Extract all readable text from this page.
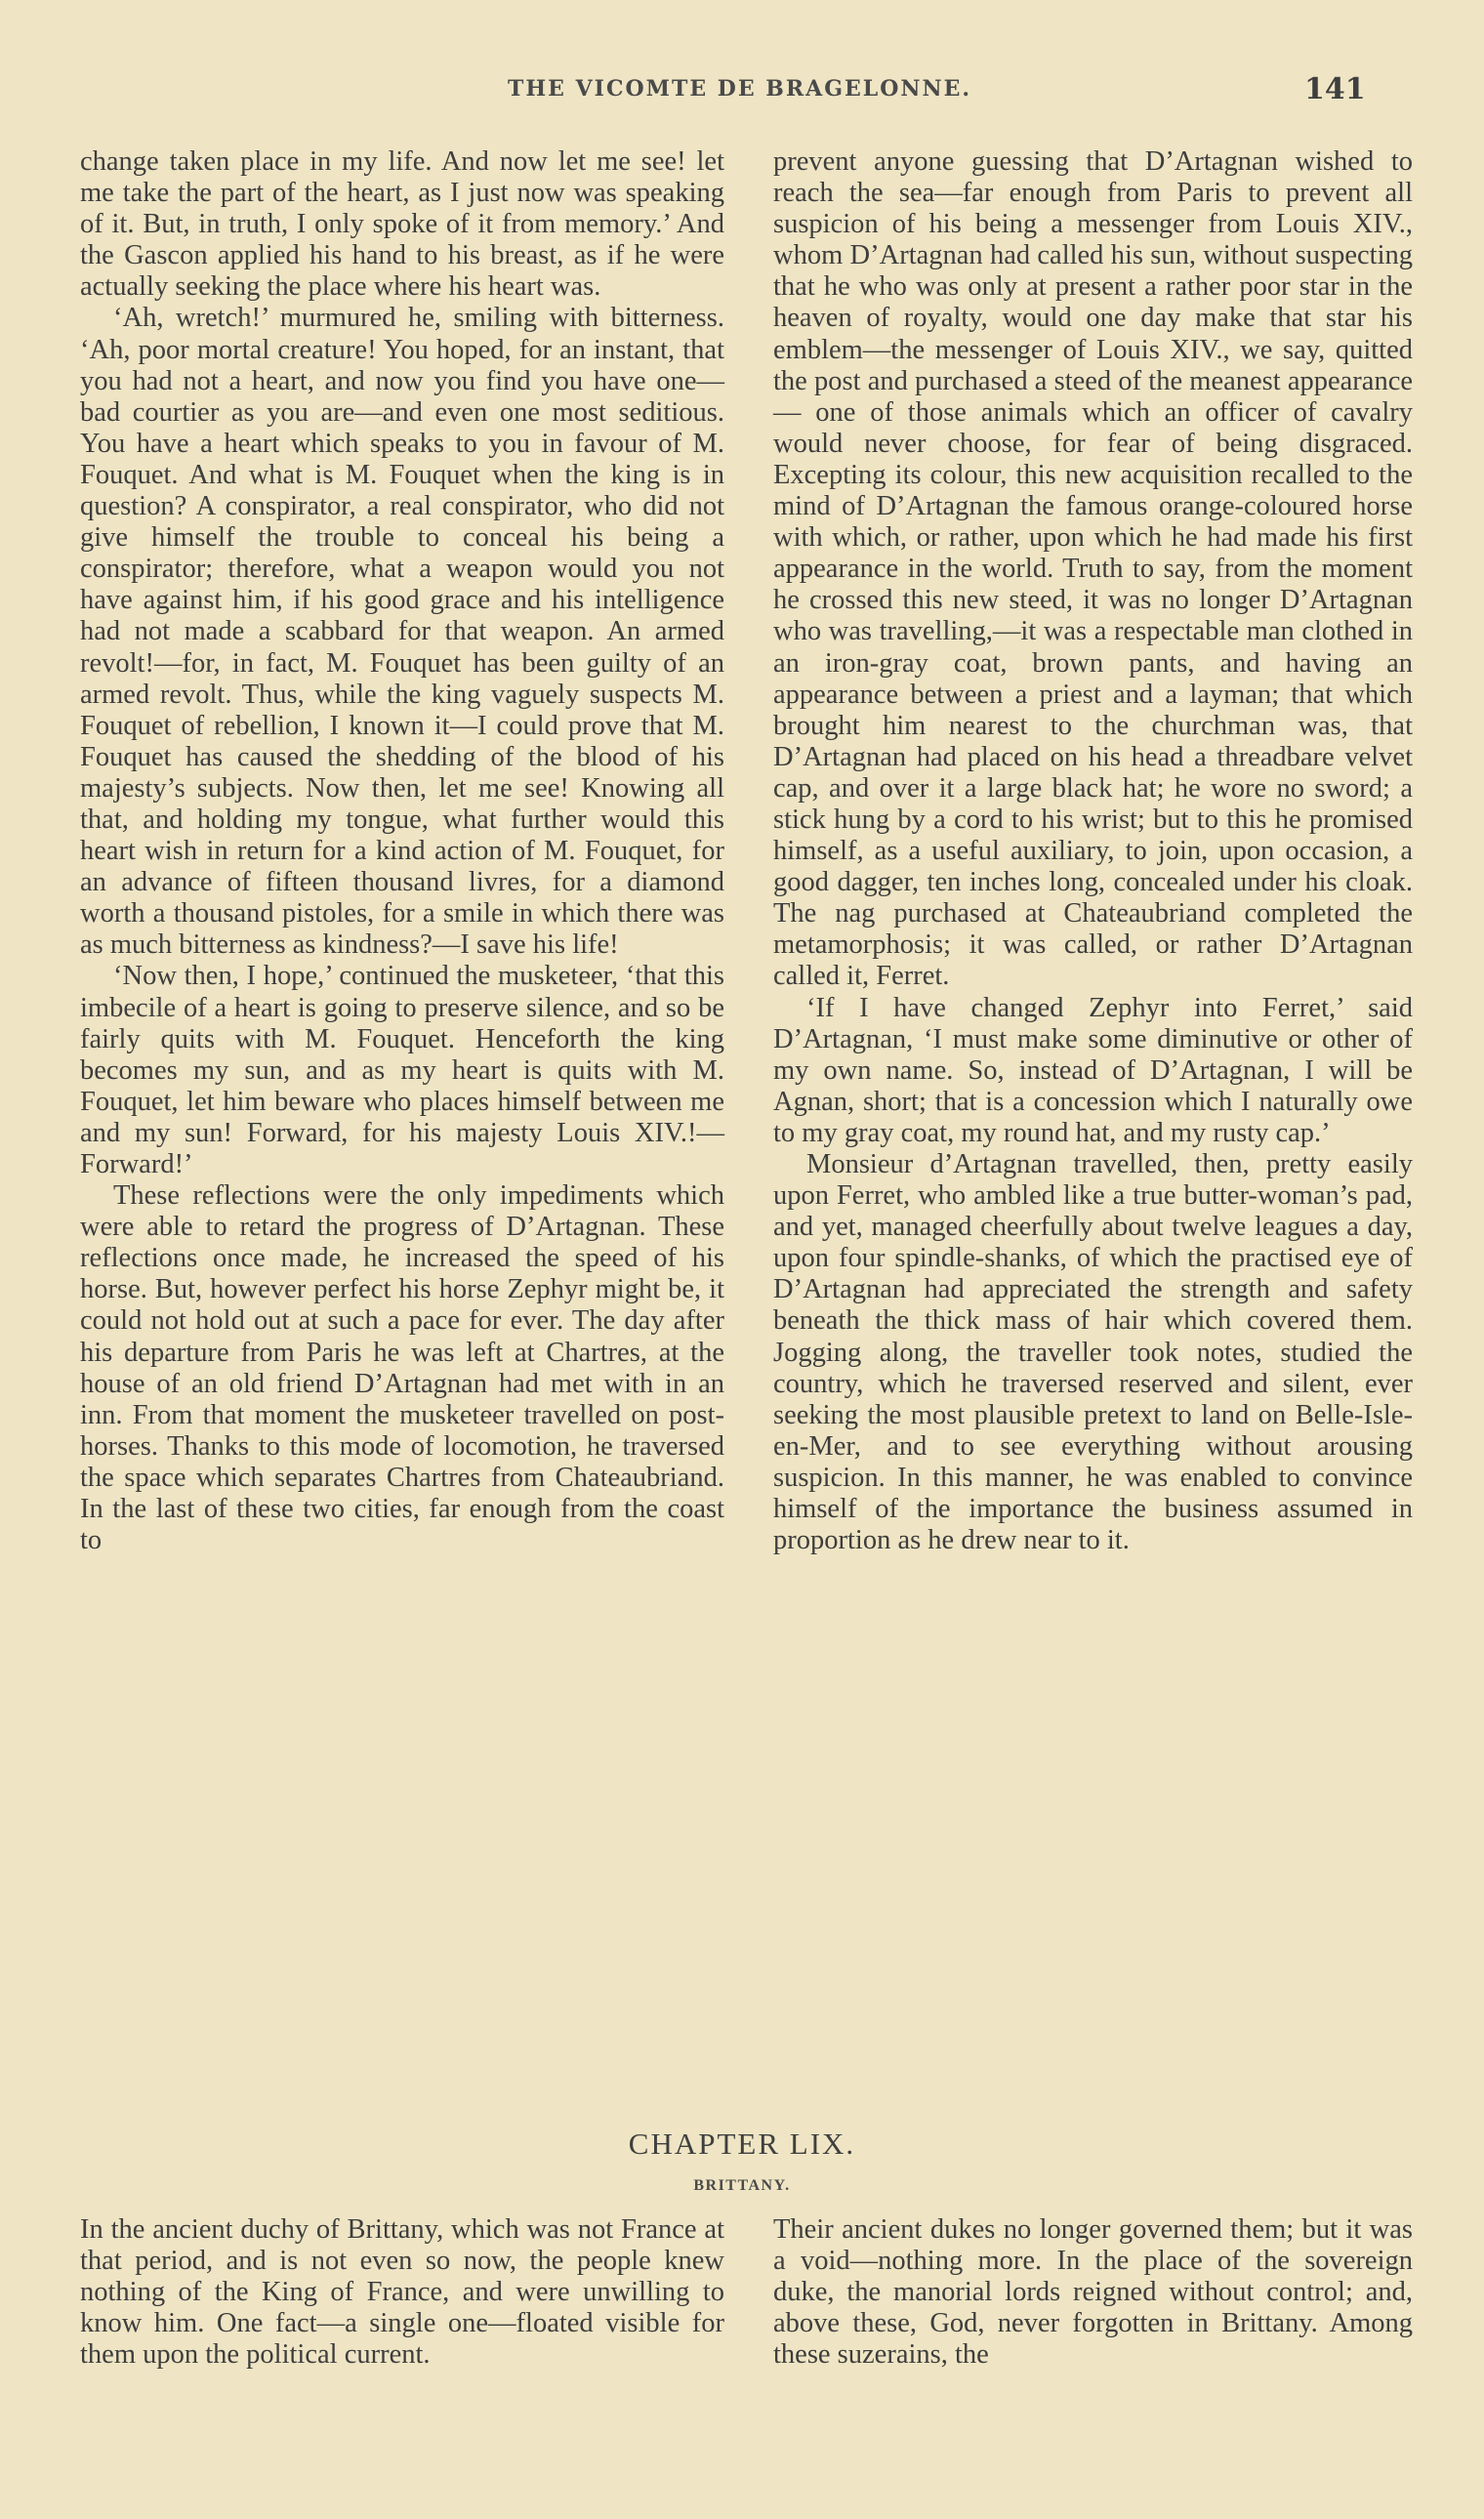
THE VICOMTE DE BRAGELONNE.	141

change taken place in my life. And now let me see! let me take the part of the heart, as I just now was speaking of it. But, in truth, I only spoke of it from memory.’ And the Gascon applied his hand to his breast, as if he were actually seeking the place where his heart was.

‘Ah, wretch!’ murmured he, smiling with bitterness. ‘Ah, poor mortal creature! You hoped, for an instant, that you had not a heart, and now you find you have one—bad courtier as you are—and even one most seditious. You have a heart which speaks to you in favour of M. Fouquet. And what is M. Fouquet when the king is in question? A conspirator, a real conspirator, who did not give himself the trouble to conceal his being a conspirator; therefore, what a weapon would you not have against him, if his good grace and his intelligence had not made a scabbard for that weapon. An armed revolt!—for, in fact, M. Fouquet has been guilty of an armed revolt. Thus, while the king vaguely suspects M. Fouquet of rebellion, I known it—I could prove that M. Fouquet has caused the shedding of the blood of his majesty’s subjects. Now then, let me see! Knowing all that, and holding my tongue, what further would this heart wish in return for a kind action of M. Fouquet, for an advance of fifteen thousand livres, for a diamond worth a thousand pistoles, for a smile in which there was as much bitterness as kindness?—I save his life!

‘Now then, I hope,’ continued the musketeer, ‘that this imbecile of a heart is going to preserve silence, and so be fairly quits with M. Fouquet. Henceforth the king becomes my sun, and as my heart is quits with M. Fouquet, let him beware who places himself between me and my sun! Forward, for his majesty Louis XIV.!—Forward!’

These reflections were the only impediments which were able to retard the progress of D’Artagnan. These reflections once made, he increased the speed of his horse. But, however perfect his horse Zephyr might be, it could not hold out at such a pace for ever. The day after his departure from Paris he was left at Chartres, at the house of an old friend D’Artagnan had met with in an inn. From that moment the musketeer travelled on post-horses. Thanks to this mode of locomotion, he traversed the space which separates Chartres from Chateaubriand. In the last of these two cities, far enough from the coast to

prevent anyone guessing that D’Artagnan wished to reach the sea—far enough from Paris to prevent all suspicion of his being a messenger from Louis XIV., whom D’Artagnan had called his sun, without suspecting that he who was only at present a rather poor star in the heaven of royalty, would one day make that star his emblem—the messenger of Louis XIV., we say, quitted the post and purchased a steed of the meanest appearance — one of those animals which an officer of cavalry would never choose, for fear of being disgraced. Excepting its colour, this new acquisition recalled to the mind of D’Artagnan the famous orange-coloured horse with which, or rather, upon which he had made his first appearance in the world. Truth to say, from the moment he crossed this new steed, it was no longer D’Artagnan who was travelling,—it was a respectable man clothed in an iron-gray coat, brown pants, and having an appearance between a priest and a layman; that which brought him nearest to the churchman was, that D’Artagnan had placed on his head a threadbare velvet cap, and over it a large black hat; he wore no sword; a stick hung by a cord to his wrist; but to this he promised himself, as a useful auxiliary, to join, upon occasion, a good dagger, ten inches long, concealed under his cloak. The nag purchased at Chateaubriand completed the metamorphosis; it was called, or rather D’Artagnan called it, Ferret.

‘If I have changed Zephyr into Ferret,’ said D’Artagnan, ‘I must make some diminutive or other of my own name. So, instead of D’Artagnan, I will be Agnan, short; that is a concession which I naturally owe to my gray coat, my round hat, and my rusty cap.’

Monsieur d’Artagnan travelled, then, pretty easily upon Ferret, who ambled like a true butter-woman’s pad, and yet, managed cheerfully about twelve leagues a day, upon four spindle-shanks, of which the practised eye of D’Artagnan had appreciated the strength and safety beneath the thick mass of hair which covered them. Jogging along, the traveller took notes, studied the country, which he traversed reserved and silent, ever seeking the most plausible pretext to land on Belle-Isle-en-Mer, and to see everything without arousing suspicion. In this manner, he was enabled to convince himself of the importance the business assumed in proportion as he drew near to it.

CHAPTER LIX.
BRITTANY.

In the ancient duchy of Brittany, which was not France at that period, and is not even so now, the people knew nothing of the King of France, and were unwilling to know him. One fact—a single one—floated visible for them upon the political current.

Their ancient dukes no longer governed them; but it was a void—nothing more. In the place of the sovereign duke, the manorial lords reigned without control; and, above these, God, never forgotten in Brittany. Among these suzerains, the
